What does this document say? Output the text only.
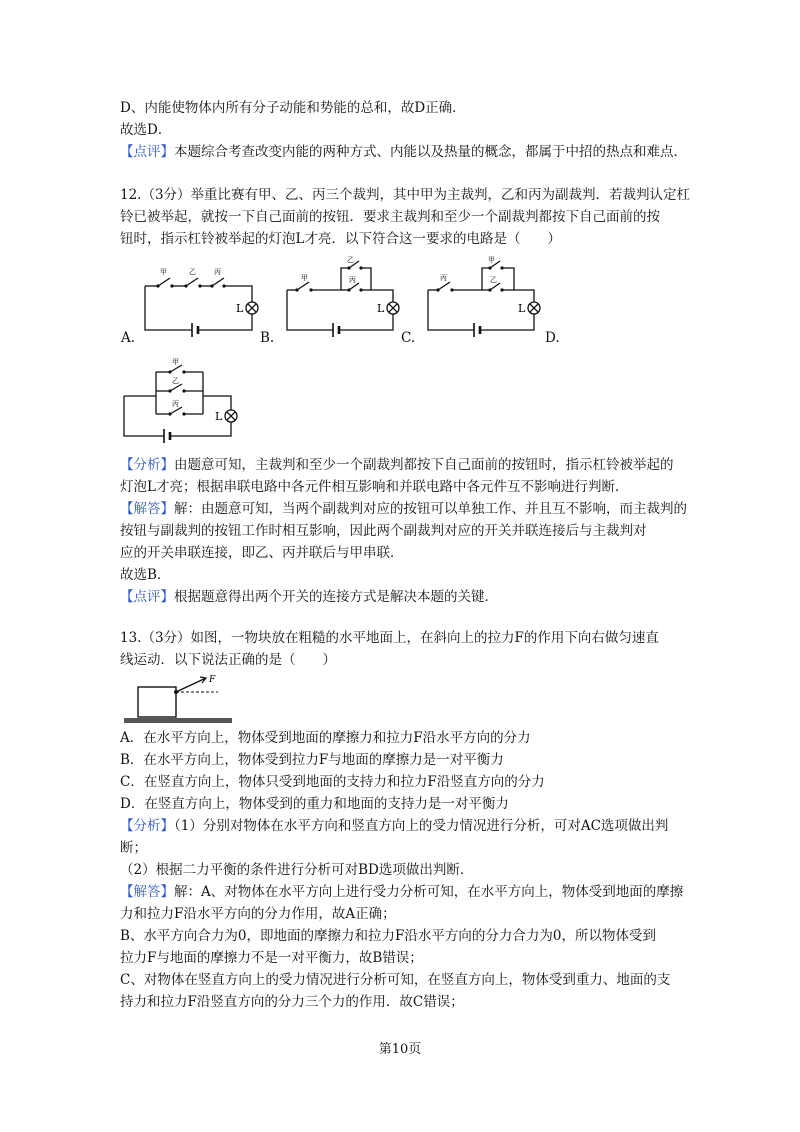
D、内能使物体内所有分子动能和势能的总和，故D正确．
故选D．
【点评】本题综合考查改变内能的两种方式、内能以及热量的概念，都属于中招的热点和难点．
12.（3分）举重比赛有甲、乙、丙三个裁判，其中甲为主裁判，乙和丙为副裁判．若裁判认定杠
铃已被举起，就按一下自己面前的按钮．要求主裁判和至少一个副裁判都按下自己面前的按
钮时，指示杠铃被举起的灯泡L才亮．以下符合这一要求的电路是（　　）
甲	乙	丙
L
甲
乙
丙
L
丙
甲
乙
L
A.	B.	C.	D.
甲
乙
丙
L
【分析】由题意可知，主裁判和至少一个副裁判都按下自己面前的按钮时，指示杠铃被举起的
灯泡L才亮；根据串联电路中各元件相互影响和并联电路中各元件互不影响进行判断．
【解答】解：由题意可知，当两个副裁判对应的按钮可以单独工作、并且互不影响，而主裁判的
按钮与副裁判的按钮工作时相互影响，因此两个副裁判对应的开关并联连接后与主裁判对
应的开关串联连接，即乙、丙并联后与甲串联．
故选B．
【点评】根据题意得出两个开关的连接方式是解决本题的关键．
13.（3分）如图，一物块放在粗糙的水平地面上，在斜向上的拉力F的作用下向右做匀速直
线运动．以下说法正确的是（　　）
F
A．在水平方向上，物体受到地面的摩擦力和拉力F沿水平方向的分力
B．在水平方向上，物体受到拉力F与地面的摩擦力是一对平衡力
C．在竖直方向上，物体只受到地面的支持力和拉力F沿竖直方向的分力
D．在竖直方向上，物体受到的重力和地面的支持力是一对平衡力
【分析】（1）分别对物体在水平方向和竖直方向上的受力情况进行分析，可对AC选项做出判
断；
（2）根据二力平衡的条件进行分析可对BD选项做出判断．
【解答】解：A、对物体在水平方向上进行受力分析可知，在水平方向上，物体受到地面的摩擦
力和拉力F沿水平方向的分力作用，故A正确；
B、水平方向合力为0，即地面的摩擦力和拉力F沿水平方向的分力合力为0，所以物体受到
拉力F与地面的摩擦力不是一对平衡力，故B错误；
C、对物体在竖直方向上的受力情况进行分析可知，在竖直方向上，物体受到重力、地面的支
持力和拉力F沿竖直方向的分力三个力的作用．故C错误；
第10页
